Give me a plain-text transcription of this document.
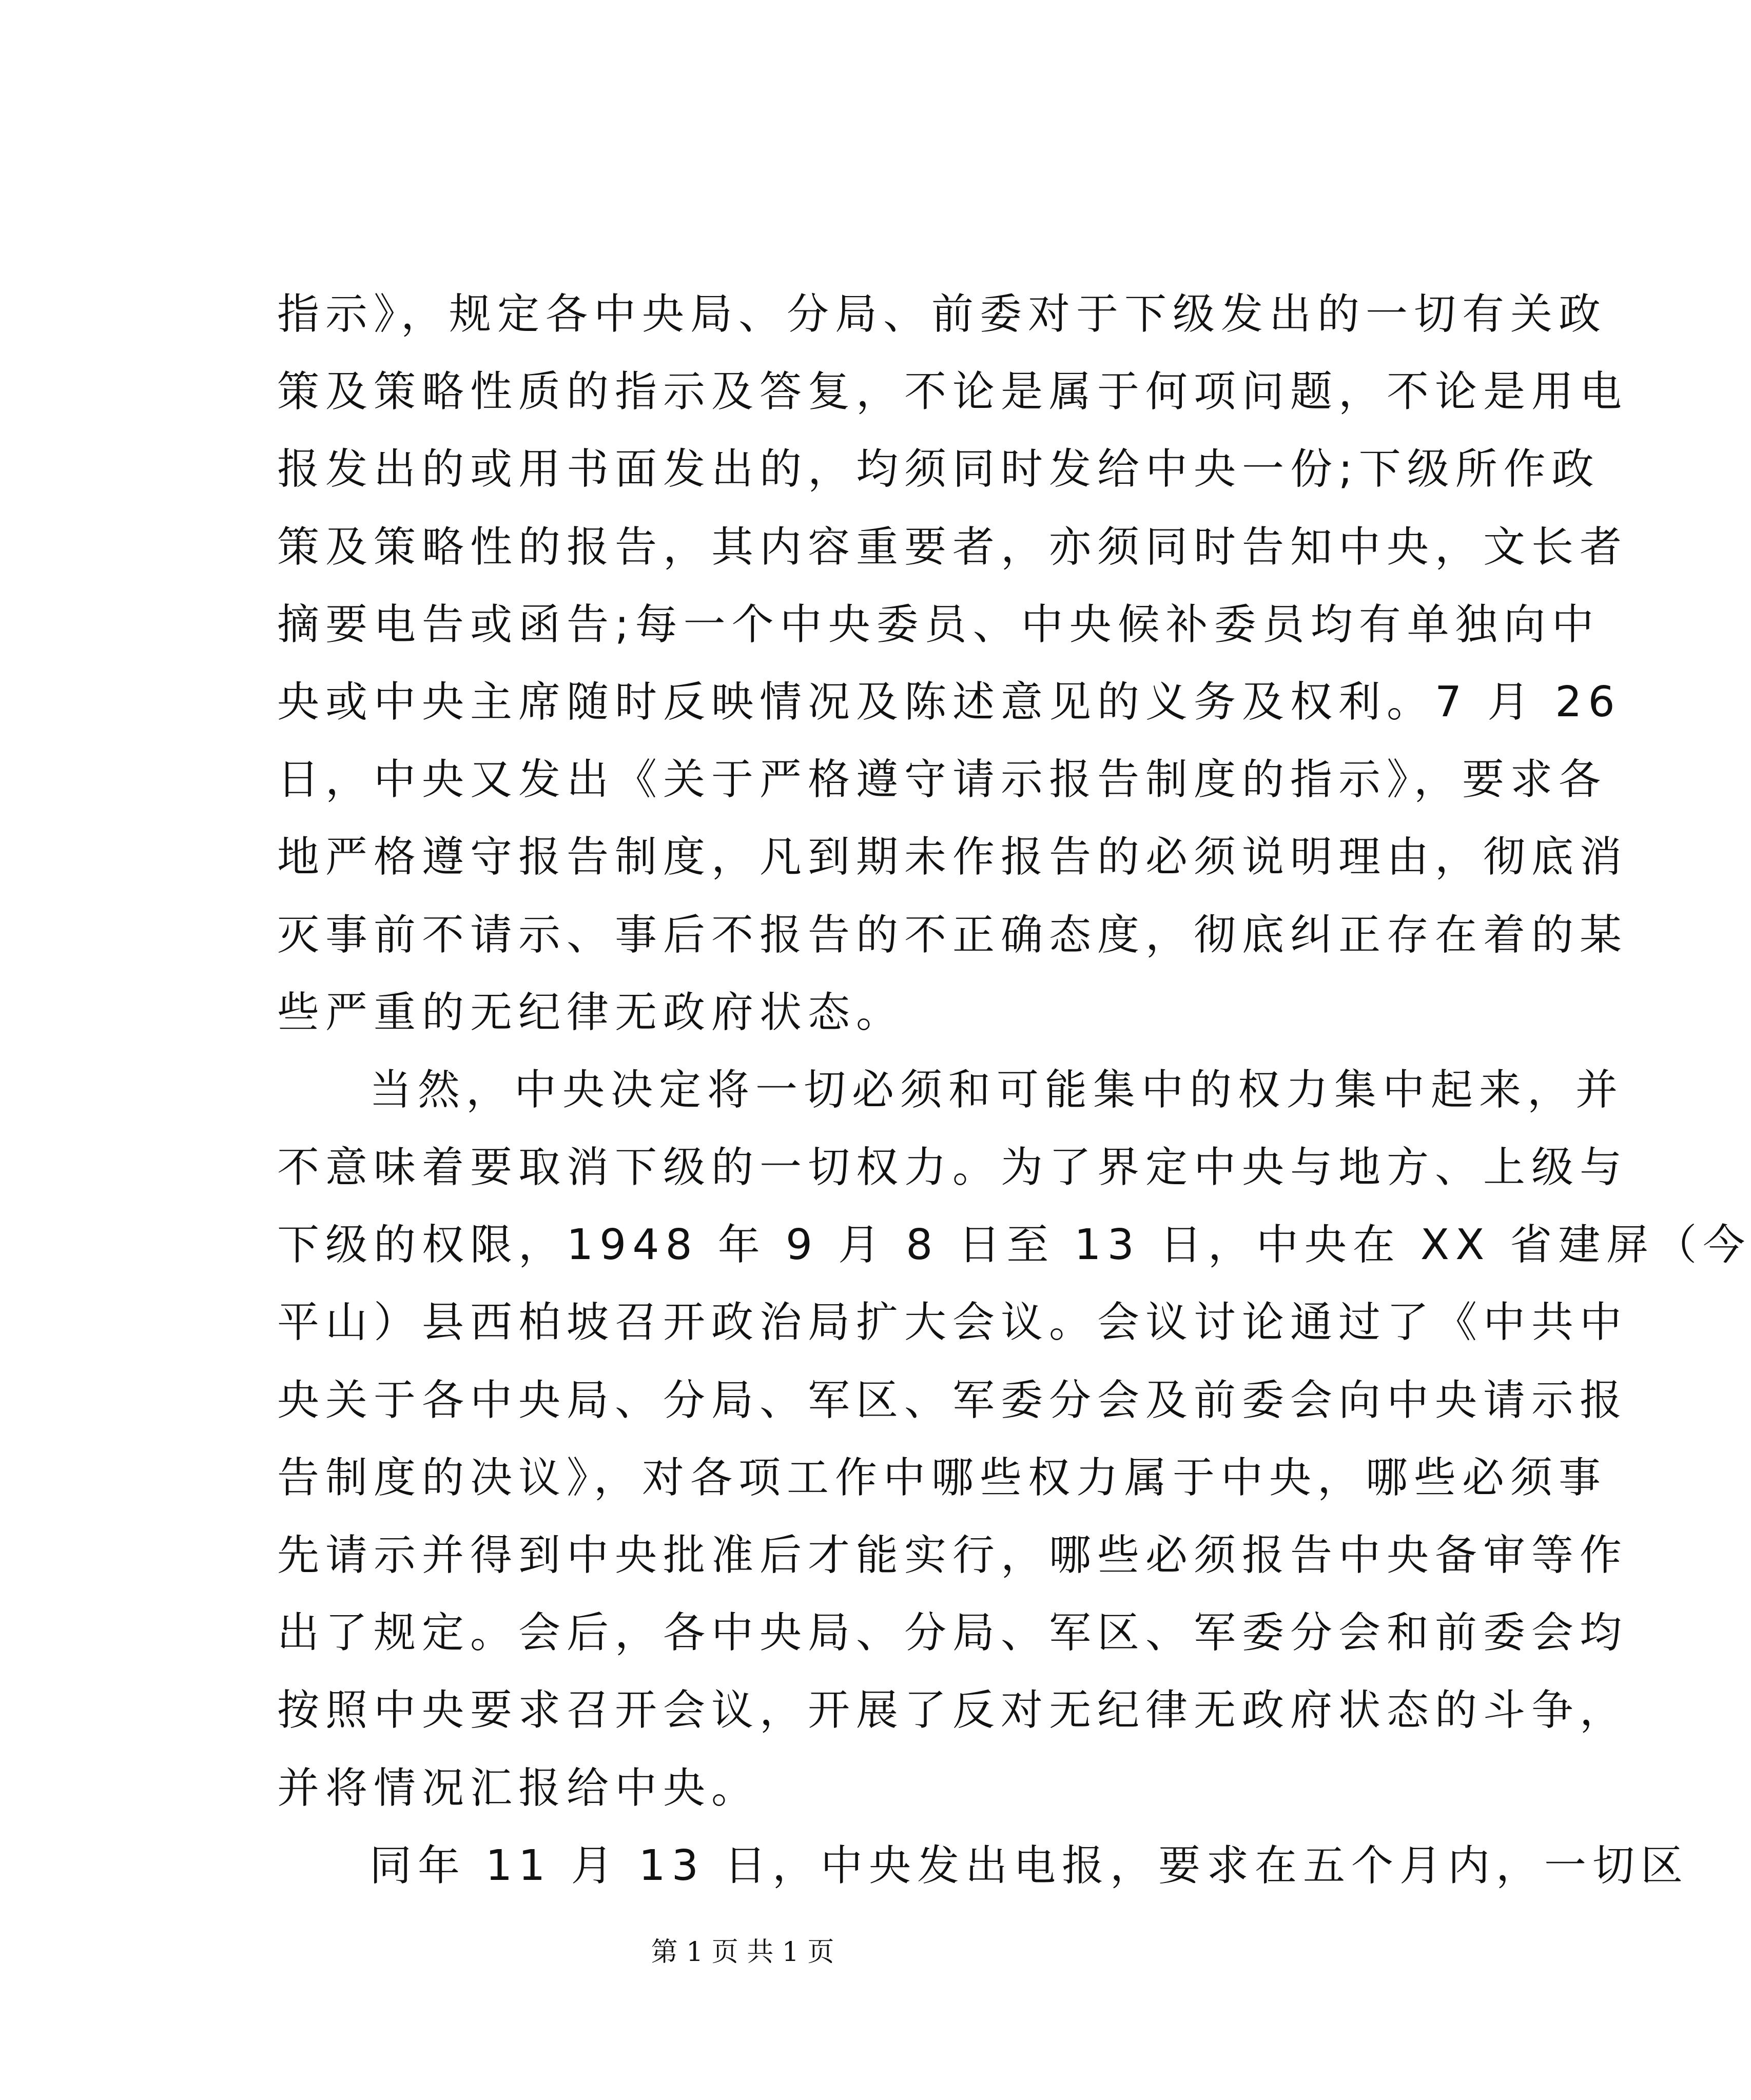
指示》，规定各中央局、分局、前委对于下级发出的一切有关政
策及策略性质的指示及答复，不论是属于何项问题，不论是用电
报发出的或用书面发出的，均须同时发给中央一份;下级所作政
策及策略性的报告，其内容重要者，亦须同时告知中央，文长者
摘要电告或函告;每一个中央委员、中央候补委员均有单独向中
央或中央主席随时反映情况及陈述意见的义务及权利。7 月 26
日，中央又发出《关于严格遵守请示报告制度的指示》，要求各
地严格遵守报告制度，凡到期未作报告的必须说明理由，彻底消
灭事前不请示、事后不报告的不正确态度，彻底纠正存在着的某
些严重的无纪律无政府状态。
当然，中央决定将一切必须和可能集中的权力集中起来，并
不意味着要取消下级的一切权力。为了界定中央与地方、上级与
下级的权限，1948 年 9 月 8 日至 13 日，中央在 XX 省建屏（今
平山）县西柏坡召开政治局扩大会议。会议讨论通过了《中共中
央关于各中央局、分局、军区、军委分会及前委会向中央请示报
告制度的决议》，对各项工作中哪些权力属于中央，哪些必须事
先请示并得到中央批准后才能实行，哪些必须报告中央备审等作
出了规定。会后，各中央局、分局、军区、军委分会和前委会均
按照中央要求召开会议，开展了反对无纪律无政府状态的斗争，
并将情况汇报给中央。
同年 11 月 13 日，中央发出电报，要求在五个月内，一切区
第 1 页 共 1 页
